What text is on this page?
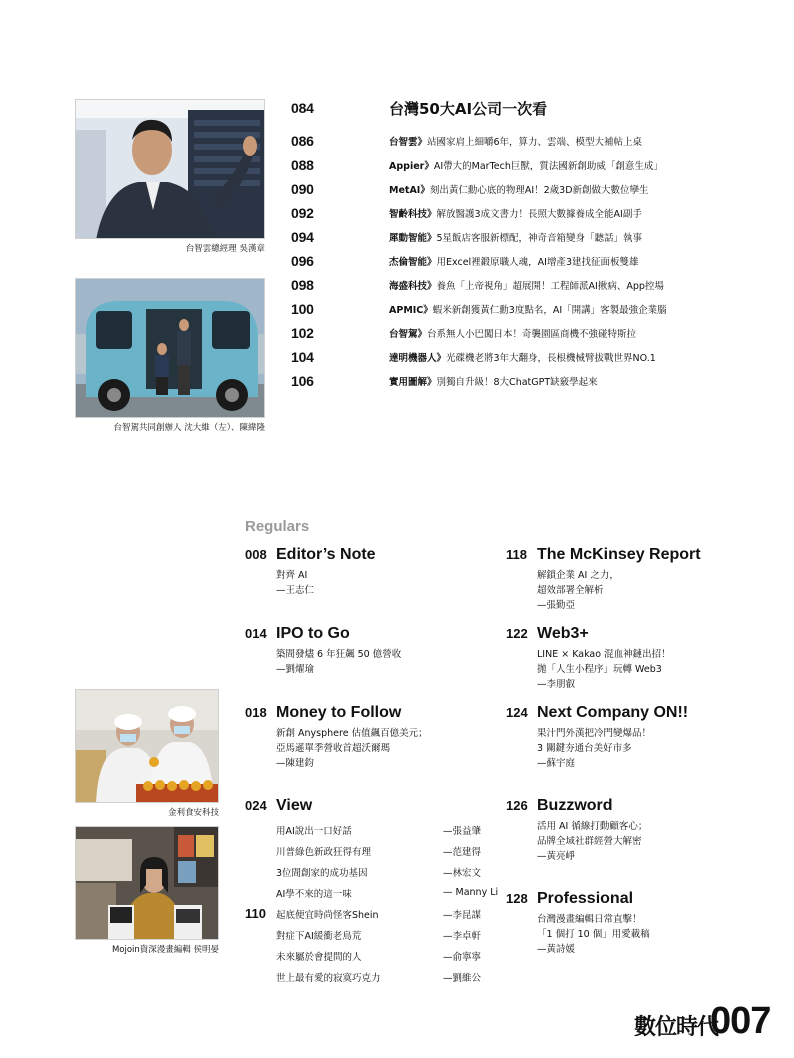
台智雲總經理 吳漢章
台智駕共同創辦人 沈大維（左）、陳緯隆
金利食安科技
Mojoin資深漫畫編輯 侯明晏
084	台灣50大AI公司一次看
086	台智雲》站國家肩上細嚼6年，算力、雲端、模型大補帖上桌
088	Appier》AI帶大的MarTech巨獸，質法國新創助威「創意生成」
090	MetAI》刻出黃仁勳心底的物理AI！2歲3D新創做大數位孿生
092	智齡科技》解放醫護3成文書力！長照大數據養成全能AI副手
094	犀動智能》5星飯店客服新標配，神奇音箱變身「聽話」執事
096	杰倫智能》用Excel裡鍛原職人魂，AI增產3建找征面板雙雄
098	海盛科技》養魚「上帝視角」超展開！工程師派AI揪病、App控場
100	APMIC》蝦米新創獲黃仁勳3度點名，AI「開講」客製最強企業腦
102	台智駕》台系無人小巴闖日本！奇襲園區商機不強碰特斯拉
104	達明機器人》光碟機老將3年大翻身，長根機械臂拔戰世界NO.1
106	實用圖解》別獨自升級！8大ChatGPT缺竅學起來
Regulars
008 Editor’s Note
對齊 AI
—王志仁
014 IPO to Go
築間發燼 6 年狂飆 50 億營收
—劉燿瑜
018 Money to Follow
新創 Anysphere 估值飆百億美元；
亞馬遜單季營收首超沃爾瑪
—陳建鈞
024 View
用AI說出一口好話	—張益肇
川普綠色新政狂得有理	—范建得
3位間創家的成功基因	—林宏文
AI學不來的這一味	— Manny Li
110	起底便宜時尚怪客Shein	—李昆謀
對症下AI緩衝老鳥荒	—李卓軒
未來屬於會提問的人	—俞寧寧
世上最有愛的寂寞巧克力	—劉維公
118 The McKinsey Report
解鎖企業 AI 之力，
超效部署全解析
—張勤亞
122 Web3+
LINE × Kakao 混血神鏈出招！
拋「人生小程序」玩轉 Web3
—李朋叡
124 Next Company ON!!
果汁門外漢把冷門變爆品！
3 關鍵夯通台美好市多
—蘇宇庭
126 Buzzword
活用 AI 循線打動顧客心；
品牌全域社群經營大解密
—黃亮崢
128 Professional
台灣漫畫編輯日常直擊！
「1 個打 10 個」用愛載稿
—黃詩媛
數位時代
007
